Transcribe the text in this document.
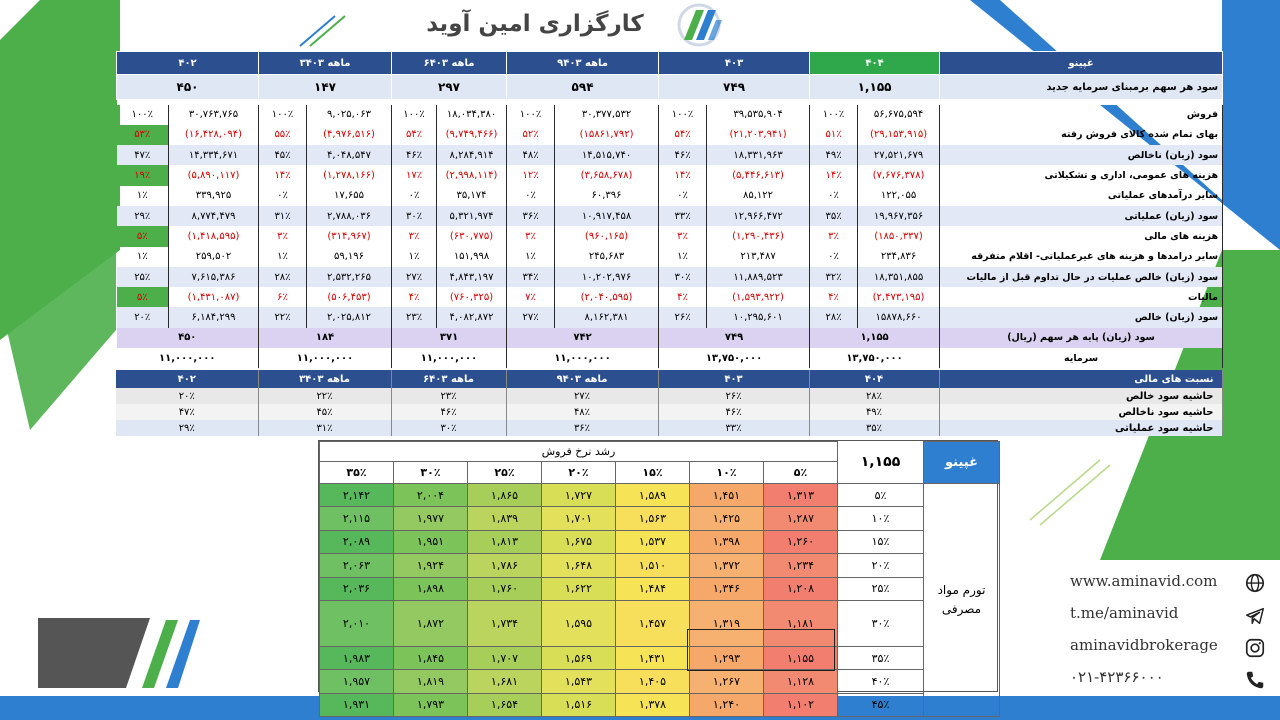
کارگزاری امین آوید
۴۰۲		۳ماهه ۴۰۳		۶ماهه ۴۰۳		۹ماهه ۴۰۳		۴۰۳		۴۰۴		غپینو
۴۵۰		۱۴۷		۲۹۷		۵۹۴		۷۴۹		۱,۱۵۵		سود هر سهم برمبنای سرمایه جدید

۱۰۰٪	۳۰,۷۶۳,۷۶۵	۱۰۰٪	۹,۰۲۵,۰۶۳	۱۰۰٪	۱۸,۰۳۴,۳۸۰	۱۰۰٪	۳۰,۳۷۷,۵۳۲	۱۰۰٪	۳۹,۵۳۵,۹۰۴	۱۰۰٪	۵۶,۶۷۵,۵۹۴	فروش
۵۳٪	(۱۶,۴۲۸,۰۹۴)	۵۵٪	(۴,۹۷۶,۵۱۶)	۵۴٪	(۹,۷۴۹,۴۶۶)	۵۲٪	(۱۵۸۶۱,۷۹۲)	۵۴٪	(۲۱,۲۰۳,۹۴۱)	۵۱٪	(۲۹,۱۵۳,۹۱۵)	بهای تمام شده کالای فروش رفته
۴۷٪	۱۴,۳۳۴,۶۷۱	۴۵٪	۴,۰۴۸,۵۴۷	۴۶٪	۸,۲۸۴,۹۱۴	۴۸٪	۱۴,۵۱۵,۷۴۰	۴۶٪	۱۸,۳۳۱,۹۶۳	۴۹٪	۲۷,۵۲۱,۶۷۹	سود (زیان) ناخالص
۱۹٪	(۵,۸۹۰,۱۱۷)	۱۴٪	(۱,۲۷۸,۱۶۶)	۱۷٪	(۲,۹۹۸,۱۱۴)	۱۲٪	(۳,۶۵۸,۶۷۸)	۱۴٪	(۵,۴۴۶,۶۱۳)	۱۴٪	(۷,۶۷۶,۳۷۸)	هزینه های عمومی، اداری و تشکیلاتی
۱٪	۳۳۹,۹۲۵	۰٪	۱۷,۶۵۵	۰٪	۳۵,۱۷۴	۰٪	۶۰,۳۹۶	۰٪	۸۵,۱۲۲	۰٪	۱۲۲,۰۵۵	سایر درآمدهای عملیاتی
۲۹٪	۸,۷۷۴,۴۷۹	۳۱٪	۲,۷۸۸,۰۳۶	۳۰٪	۵,۳۲۱,۹۷۴	۳۶٪	۱۰,۹۱۷,۴۵۸	۳۳٪	۱۲,۹۶۶,۴۷۲	۳۵٪	۱۹,۹۶۷,۳۵۶	سود (زیان) عملیاتی
۵٪	(۱,۴۱۸,۵۹۵)	۳٪	(۳۱۴,۹۶۷)	۳٪	(۶۳۰,۷۷۵)	۳٪	(۹۶۰,۱۶۵)	۳٪	(۱,۲۹۰,۴۳۶)	۳٪	(۱۸۵۰,۳۳۷)	هزینه های مالی
۱٪	۲۵۹,۵۰۲	۱٪	۵۹,۱۹۶	۱٪	۱۵۱,۹۹۸	۱٪	۲۴۵,۶۸۳	۱٪	۲۱۳,۴۸۷	۰٪	۲۳۴,۸۳۶	سایر درامدها و هزینه های غیرعملیاتی- اقلام متفرقه
۲۵٪	۷,۶۱۵,۳۸۶	۲۸٪	۲,۵۳۲,۲۶۵	۲۷٪	۴,۸۴۳,۱۹۷	۳۴٪	۱۰,۲۰۲,۹۷۶	۳۰٪	۱۱,۸۸۹,۵۲۳	۳۲٪	۱۸,۳۵۱,۸۵۵	سود (زیان) خالص عملیات در حال تداوم قبل از مالیات
۵٪	(۱,۴۳۱,۰۸۷)	۶٪	(۵۰۶,۴۵۳)	۴٪	(۷۶۰,۳۲۵)	۷٪	(۲,۰۴۰,۵۹۵)	۴٪	(۱,۵۹۳,۹۲۲)	۴٪	(۲,۴۷۳,۱۹۵)	مالیات
۲۰٪	۶,۱۸۴,۲۹۹	۲۲٪	۲,۰۲۵,۸۱۲	۲۳٪	۴,۰۸۲,۸۷۲	۲۷٪	۸,۱۶۲,۳۸۱	۲۶٪	۱۰,۲۹۵,۶۰۱	۲۸٪	۱۵۸۷۸,۶۶۰	سود (زیان) خالص
۴۵۰		۱۸۴		۳۷۱		۷۴۲		۷۴۹		۱,۱۵۵		سود (زیان) پایه هر سهم (ریال)
۱۱,۰۰۰,۰۰۰		۱۱,۰۰۰,۰۰۰		۱۱,۰۰۰,۰۰۰		۱۱,۰۰۰,۰۰۰		۱۳,۷۵۰,۰۰۰		۱۳,۷۵۰,۰۰۰		سرمایه
۴۰۲	۳ماهه ۴۰۳	۶ماهه ۴۰۳	۹ماهه ۴۰۳	۴۰۳	۴۰۴	نسبت های مالی
۲۰٪	۲۲٪	۲۳٪	۲۷٪	۲۶٪	۲۸٪	حاشیه سود خالص
۴۷٪	۴۵٪	۴۶٪	۴۸٪	۴۶٪	۴۹٪	حاشیه سود ناخالص
۲۹٪	۳۱٪	۳۰٪	۳۶٪	۳۳٪	۳۵٪	حاشیه سود عملیاتی
رشد نرخ فروش							۱,۱۵۵	غپینو
۳۵٪	۳۰٪	۲۵٪	۲۰٪	۱۵٪	۱۰٪	۵٪		
۲,۱۴۲	۲,۰۰۴	۱,۸۶۵	۱,۷۲۷	۱,۵۸۹	۱,۴۵۱	۱,۳۱۳	۵٪	تورم مواد مصرفی
۲,۱۱۵	۱,۹۷۷	۱,۸۳۹	۱,۷۰۱	۱,۵۶۳	۱,۴۲۵	۱,۲۸۷	۱۰٪	
۲,۰۸۹	۱,۹۵۱	۱,۸۱۳	۱,۶۷۵	۱,۵۳۷	۱,۳۹۸	۱,۲۶۰	۱۵٪	
۲,۰۶۳	۱,۹۲۴	۱,۷۸۶	۱,۶۴۸	۱,۵۱۰	۱,۳۷۲	۱,۲۳۴	۲۰٪	
۲,۰۳۶	۱,۸۹۸	۱,۷۶۰	۱,۶۲۲	۱,۴۸۴	۱,۳۴۶	۱,۲۰۸	۲۵٪	
۲,۰۱۰	۱,۸۷۲	۱,۷۳۴	۱,۵۹۵	۱,۴۵۷	۱,۳۱۹	۱,۱۸۱	۳۰٪	
۱,۹۸۳	۱,۸۴۵	۱,۷۰۷	۱,۵۶۹	۱,۴۳۱	۱,۲۹۳	۱,۱۵۵	۳۵٪	
۱,۹۵۷	۱,۸۱۹	۱,۶۸۱	۱,۵۴۳	۱,۴۰۵	۱,۲۶۷	۱,۱۲۸	۴۰٪	
۱,۹۳۱	۱,۷۹۳	۱,۶۵۴	۱,۵۱۶	۱,۳۷۸	۱,۲۴۰	۱,۱۰۲	۴۵٪	
www.aminavid.com
t.me/aminavid
aminavidbrokerage
۰۲۱-۴۲۳۶۶۰۰۰
